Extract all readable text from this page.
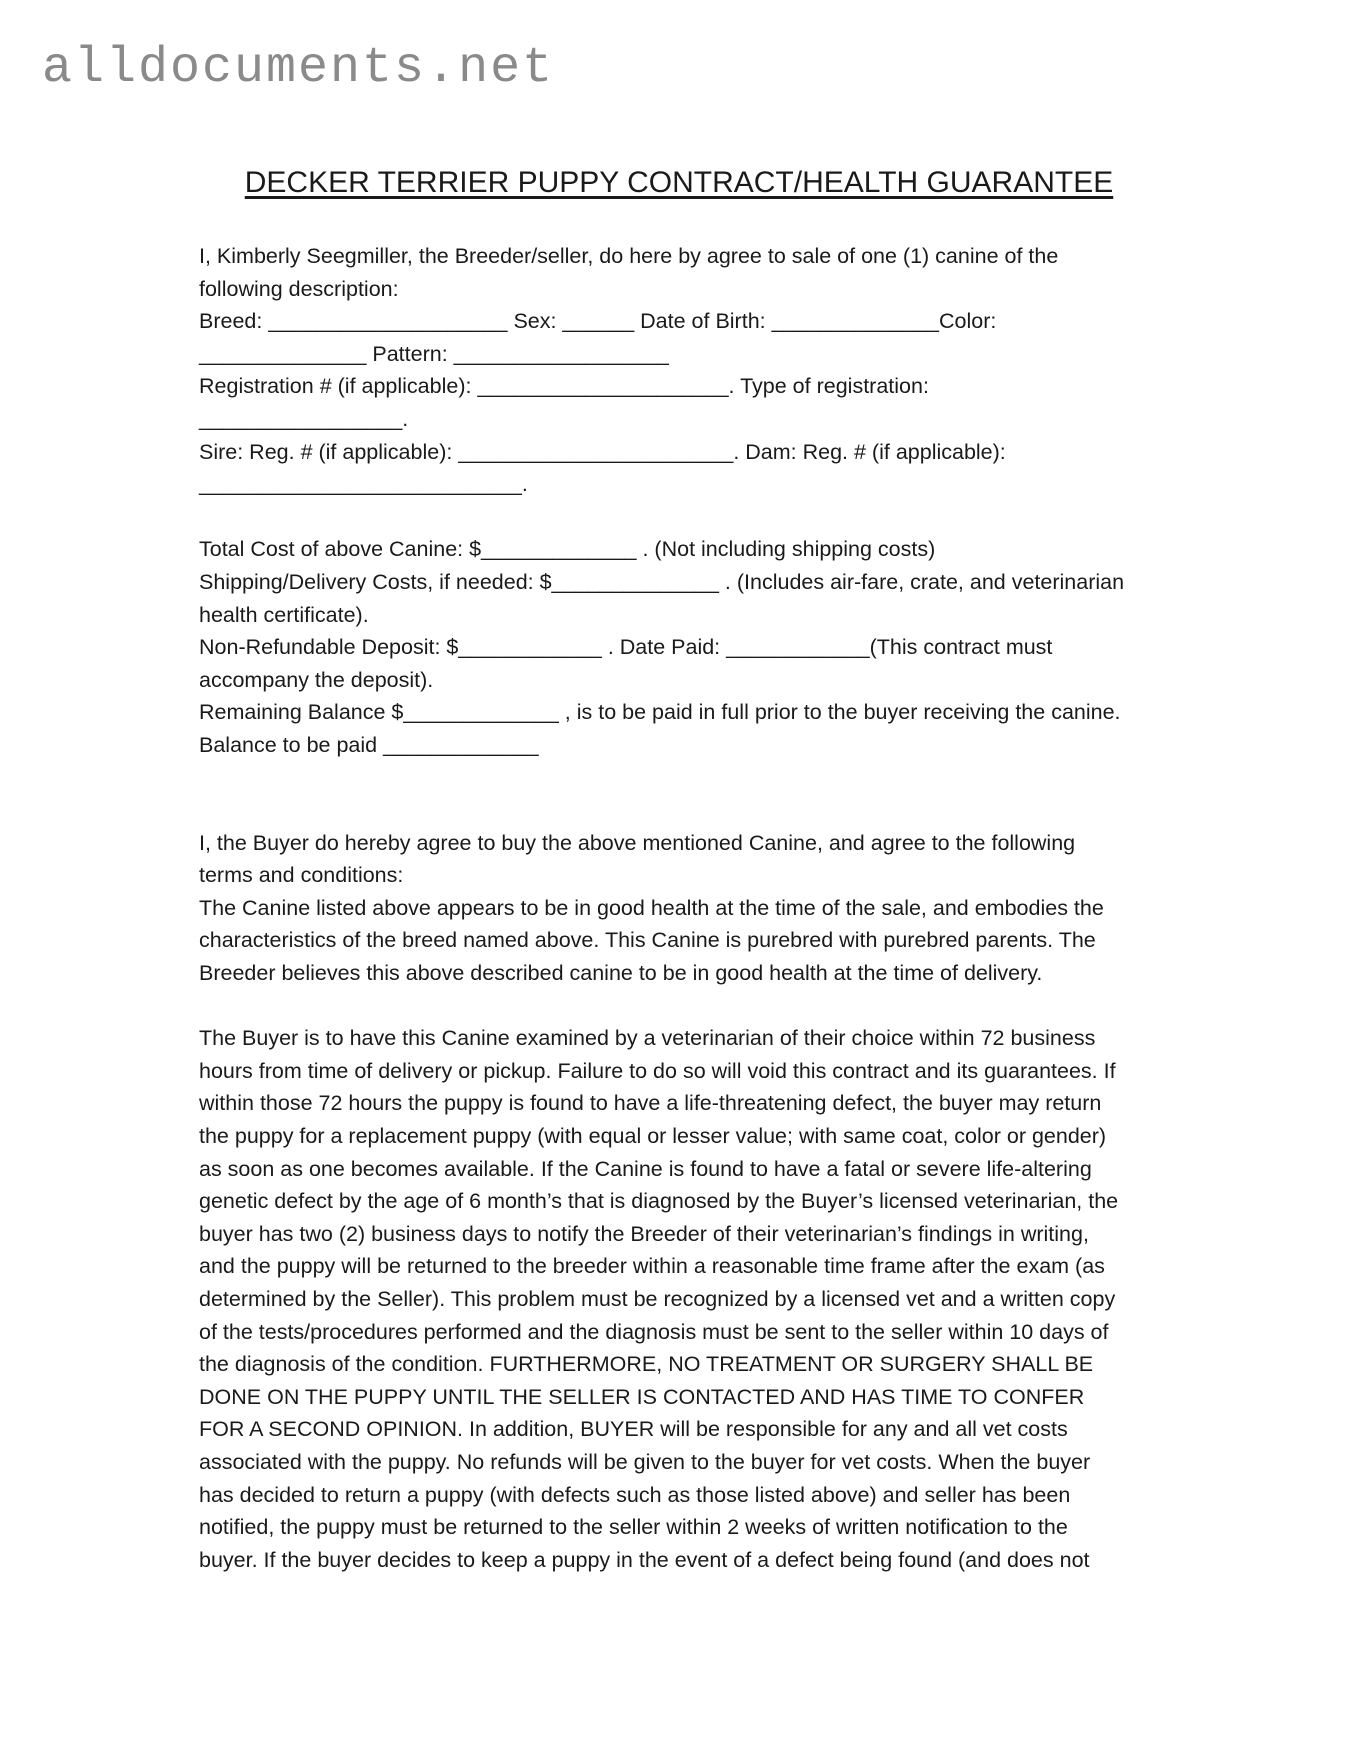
alldocuments.net
DECKER TERRIER PUPPY CONTRACT/HEALTH GUARANTEE
I, Kimberly Seegmiller, the Breeder/seller, do here by agree to sale of one (1) canine of the
following description:
Breed: ____________________ Sex: ______ Date of Birth: ______________Color:
______________ Pattern: __________________
Registration # (if applicable): _____________________. Type of registration:
_________________.
Sire: Reg. # (if applicable): _______________________. Dam: Reg. # (if applicable):
___________________________.
Total Cost of above Canine: $_____________ . (Not including shipping costs)
Shipping/Delivery Costs, if needed: $______________ . (Includes air-fare, crate, and veterinarian
health certificate).
Non-Refundable Deposit: $____________ . Date Paid: ____________(This contract must
accompany the deposit).
Remaining Balance $_____________ , is to be paid in full prior to the buyer receiving the canine.
Balance to be paid _____________
I, the Buyer do hereby agree to buy the above mentioned Canine, and agree to the following
terms and conditions:
The Canine listed above appears to be in good health at the time of the sale, and embodies the
characteristics of the breed named above. This Canine is purebred with purebred parents. The
Breeder believes this above described canine to be in good health at the time of delivery.
The Buyer is to have this Canine examined by a veterinarian of their choice within 72 business
hours from time of delivery or pickup. Failure to do so will void this contract and its guarantees. If
within those 72 hours the puppy is found to have a life-threatening defect, the buyer may return
the puppy for a replacement puppy (with equal or lesser value; with same coat, color or gender)
as soon as one becomes available. If the Canine is found to have a fatal or severe life-altering
genetic defect by the age of 6 month’s that is diagnosed by the Buyer’s licensed veterinarian, the
buyer has two (2) business days to notify the Breeder of their veterinarian’s findings in writing,
and the puppy will be returned to the breeder within a reasonable time frame after the exam (as
determined by the Seller). This problem must be recognized by a licensed vet and a written copy
of the tests/procedures performed and the diagnosis must be sent to the seller within 10 days of
the diagnosis of the condition. FURTHERMORE, NO TREATMENT OR SURGERY SHALL BE
DONE ON THE PUPPY UNTIL THE SELLER IS CONTACTED AND HAS TIME TO CONFER
FOR A SECOND OPINION. In addition, BUYER will be responsible for any and all vet costs
associated with the puppy. No refunds will be given to the buyer for vet costs. When the buyer
has decided to return a puppy (with defects such as those listed above) and seller has been
notified, the puppy must be returned to the seller within 2 weeks of written notification to the
buyer. If the buyer decides to keep a puppy in the event of a defect being found (and does not
